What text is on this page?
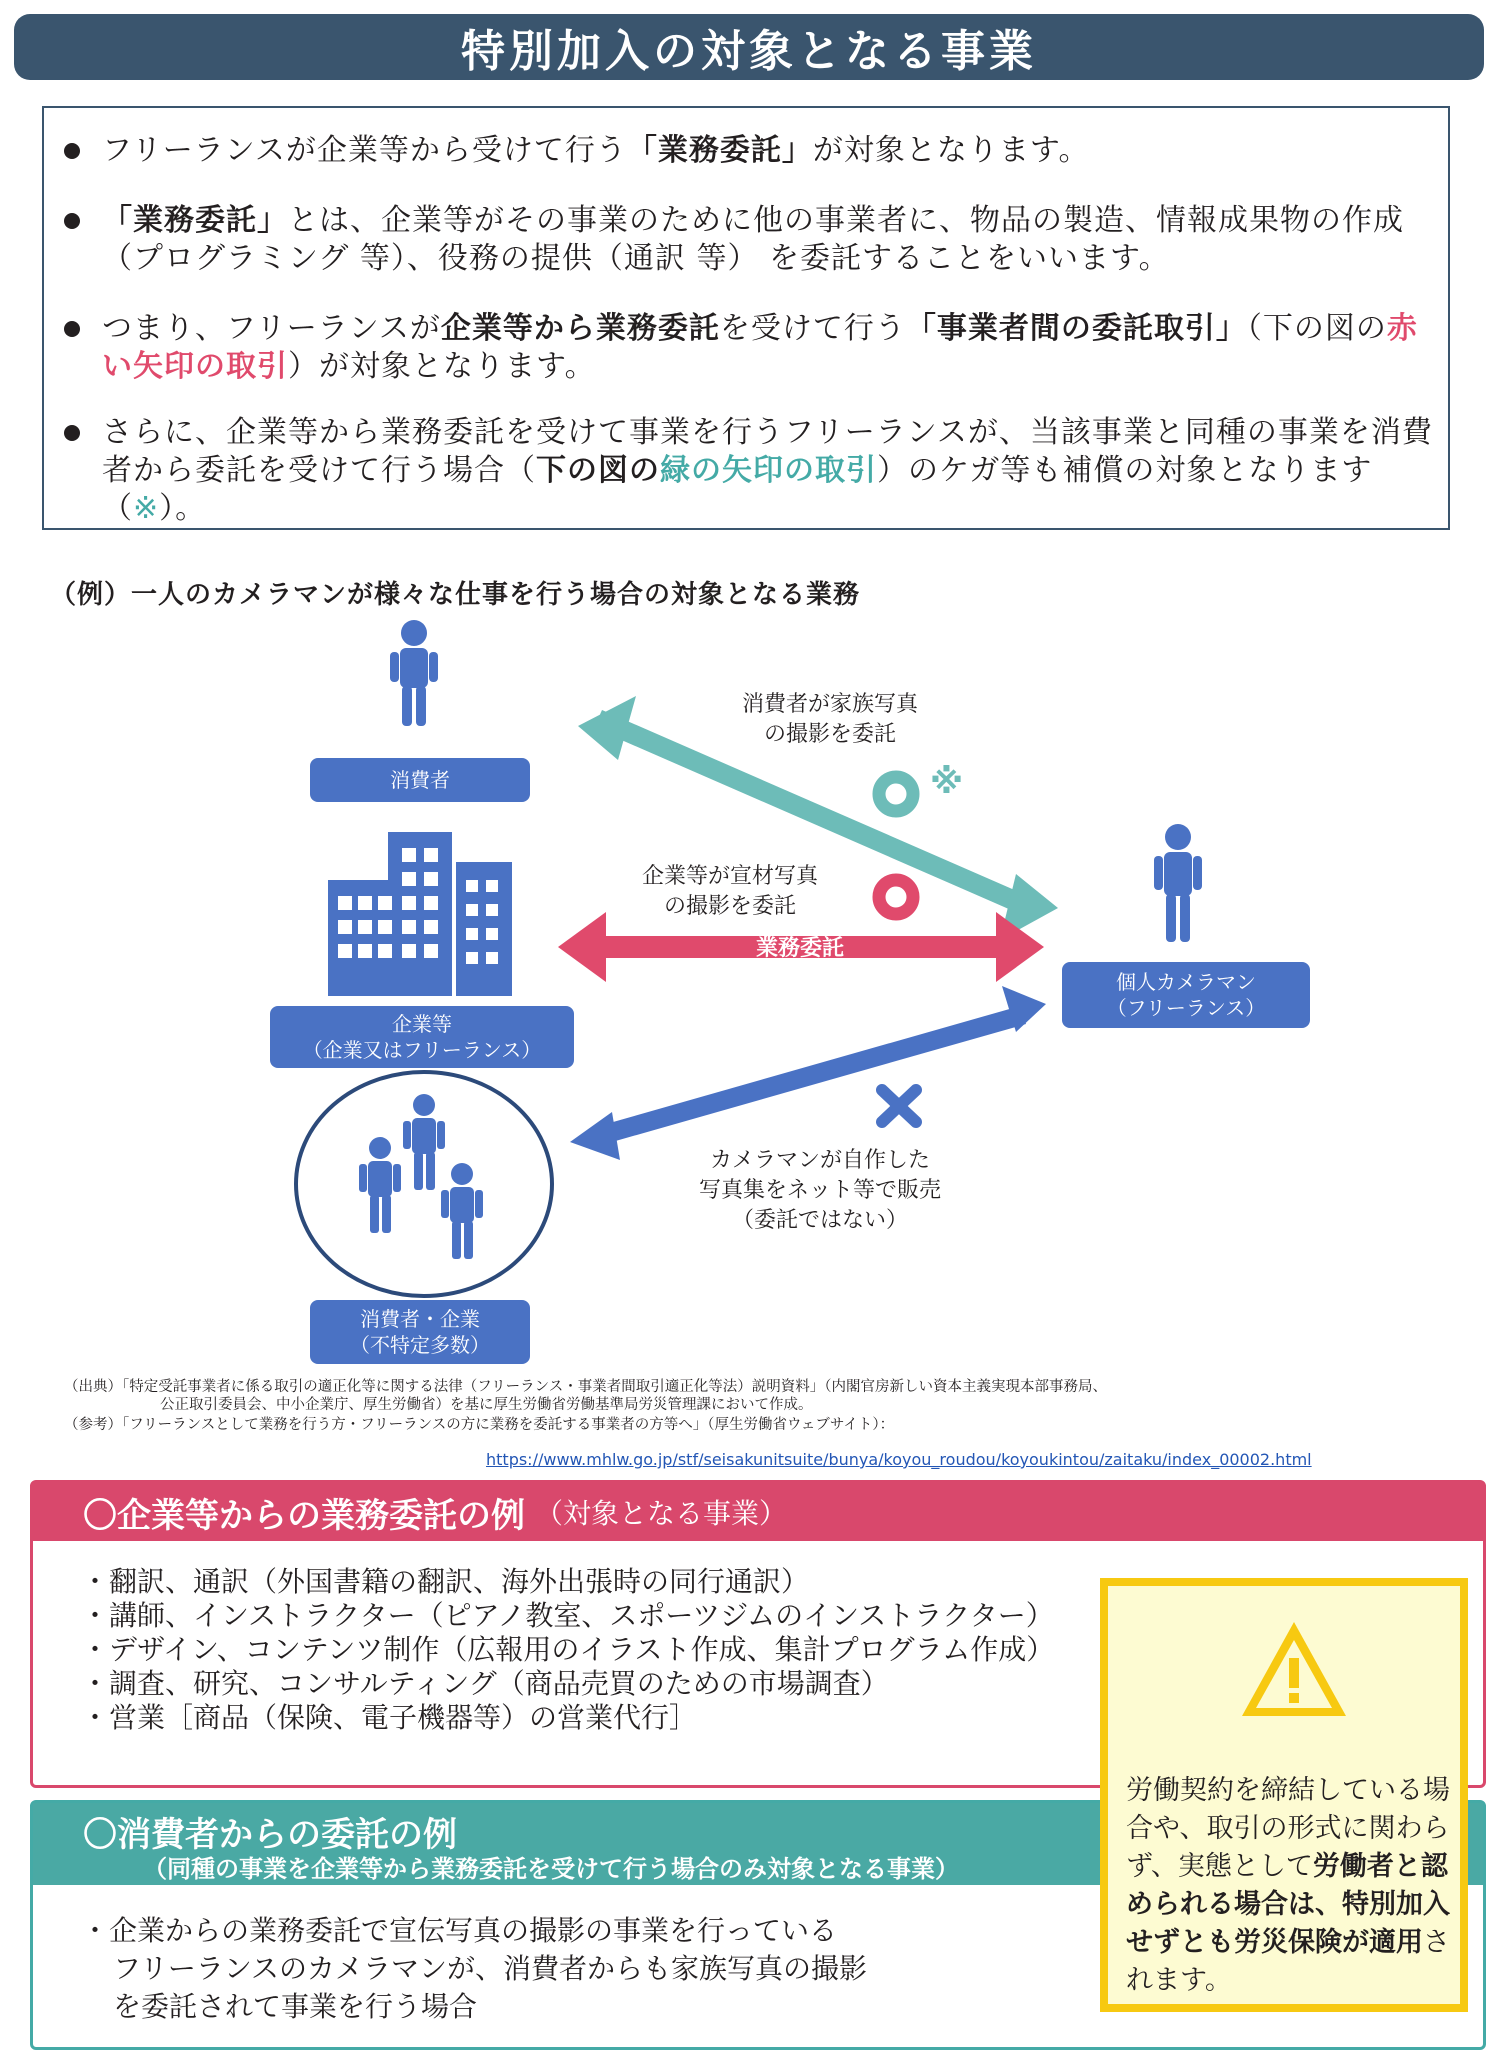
特別加入の対象となる事業
フリーランスが企業等から受けて行う「業務委託」が対象となります。
「業務委託」とは、企業等がその事業のために他の事業者に、物品の製造、情報成果物の作成（プログラミング 等）、役務の提供（通訳 等） を委託することをいいます。
つまり、フリーランスが企業等から業務委託を受けて行う「事業者間の委託取引」（下の図の赤い矢印の取引）が対象となります。
さらに、企業等から業務委託を受けて事業を行うフリーランスが、当該事業と同種の事業を消費者から委託を受けて行う場合（下の図の緑の矢印の取引）のケガ等も補償の対象となります（※）。
（例）一人のカメラマンが様々な仕事を行う場合の対象となる業務
消費者
企業等
（企業又はフリーランス）
消費者・企業
（不特定多数）
個人カメラマン
（フリーランス）
消費者が家族写真
の撮影を委託
※
企業等が宣材写真
の撮影を委託
業務委託
カメラマンが自作した
写真集をネット等で販売
（委託ではない）
（出典）「特定受託事業者に係る取引の適正化等に関する法律（フリーランス・事業者間取引適正化等法）説明資料」（内閣官房新しい資本主義実現本部事務局、
公正取引委員会、中小企業庁、厚生労働省）を基に厚生労働省労働基準局労災管理課において作成。
（参考）「フリーランスとして業務を行う方・フリーランスの方に業務を委託する事業者の方等へ」（厚生労働省ウェブサイト）：
https://www.mhlw.go.jp/stf/seisakunitsuite/bunya/koyou_roudou/koyoukintou/zaitaku/index_00002.html
〇企業等からの業務委託の例 （対象となる事業）
・翻訳、通訳（外国書籍の翻訳、海外出張時の同行通訳）
・講師、インストラクター（ピアノ教室、スポーツジムのインストラクター）
・デザイン、コンテンツ制作（広報用のイラスト作成、集計プログラム作成）
・調査、研究、コンサルティング（商品売買のための市場調査）
・営業［商品（保険、電子機器等）の営業代行］
〇消費者からの委託の例
（同種の事業を企業等から業務委託を受けて行う場合のみ対象となる事業）
・企業からの業務委託で宣伝写真の撮影の事業を行っている
フリーランスのカメラマンが、消費者からも家族写真の撮影
を委託されて事業を行う場合
労働契約を締結している場合や、取引の形式に関わらず、実態として労働者と認められる場合は、特別加入せずとも労災保険が適用されます。
